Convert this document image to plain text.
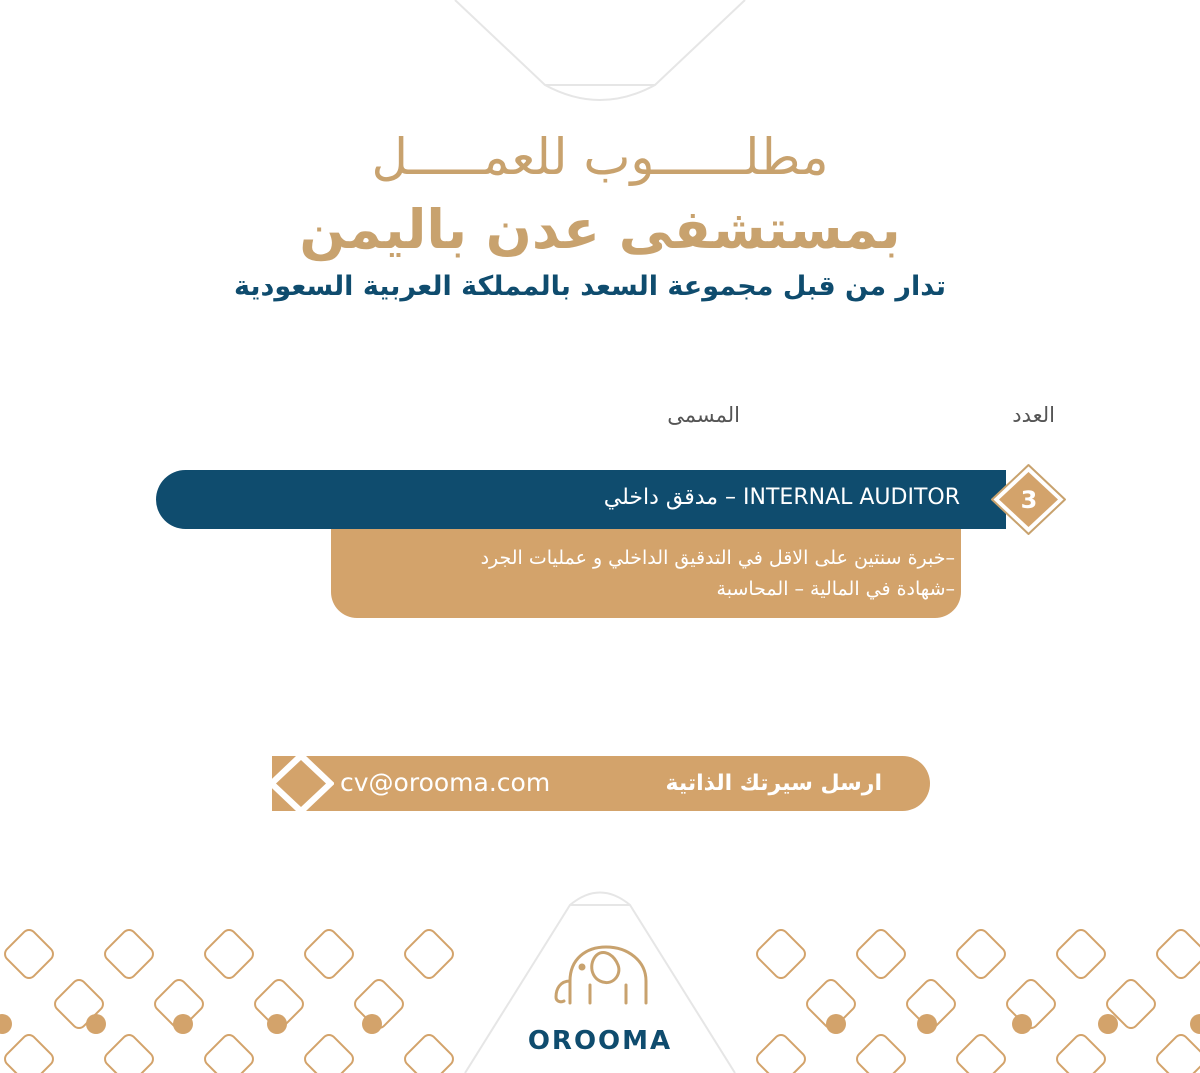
مطلــــــوب للعمـــــل
بمستشفى عدن باليمن
تدار من قبل مجموعة السعد بالمملكة العربية السعودية
العدد
المسمى
INTERNAL AUDITOR – مدقق داخلي	3
–خبرة سنتين على الاقل في التدقيق الداخلي و عمليات الجرد
–شهادة في المالية – المحاسبة
ارسل سيرتك الذاتية الي:
cv@orooma.com
OROOMA
